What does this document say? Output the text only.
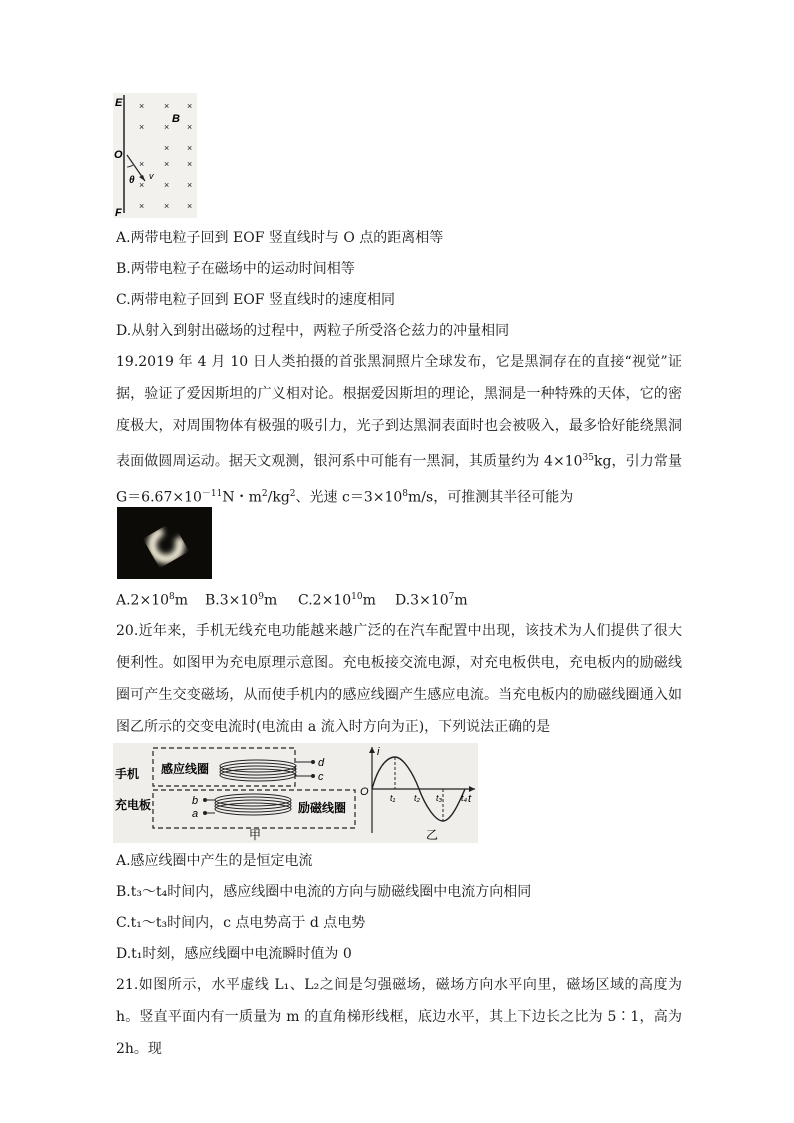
× × ×
× × ×
× ×
× × ×
× × ×
× × ×
E
B
O
θ v
F
A.两带电粒子回到 EOF 竖直线时与 O 点的距离相等
B.两带电粒子在磁场中的运动时间相等
C.两带电粒子回到 EOF 竖直线时的速度相同
D.从射入到射出磁场的过程中，两粒子所受洛仑兹力的冲量相同
19.2019 年 4 月 10 日人类拍摄的首张黑洞照片全球发布，它是黑洞存在的直接“视觉”证据，验证了爱因斯坦的广义相对论。根据爱因斯坦的理论，黑洞是一种特殊的天体，它的密度极大，对周围物体有极强的吸引力，光子到达黑洞表面时也会被吸入，最多恰好能绕黑洞表面做圆周运动。据天文观测，银河系中可能有一黑洞，其质量约为 $4\times 10^{35}kg$，引力常量 $G=6.67\times 10^{-11}N$・$m^2/kg^2$、光速 $c=3\times 10^8m/s$，可推测其半径可能为
$A.2\times 10^8m$ $B.3\times 10^9m$ $C.2\times 10^{10}m$ $D.3\times 10^7m$
20.近年来，手机无线充电功能越来越广泛的在汽车配置中出现，该技术为人们提供了很大便利性。如图甲为充电原理示意图。充电板接交流电源，对充电板供电，充电板内的励磁线圈可产生交变磁场，从而使手机内的感应线圈产生感应电流。当充电板内的励磁线圈通入如图乙所示的交变电流时(电流由 a 流入时方向为正)，下列说法正确的是
手机
充电板
感应线圈
励磁线圈
d
c
b
a
甲
i
t
O t₁ t₂ t₃ t₄
乙
A.感应线圈中产生的是恒定电流
B.t₃～t₄时间内，感应线圈中电流的方向与励磁线圈中电流方向相同
C.t₁～t₃时间内，c 点电势高于 d 点电势
D.t₁时刻，感应线圈中电流瞬时值为 0
21.如图所示，水平虚线 L₁、L₂之间是匀强磁场，磁场方向水平向里，磁场区域的高度为 h。竖直平面内有一质量为 m 的直角梯形线框，底边水平，其上下边长之比为 5∶1，高为 2h。现
